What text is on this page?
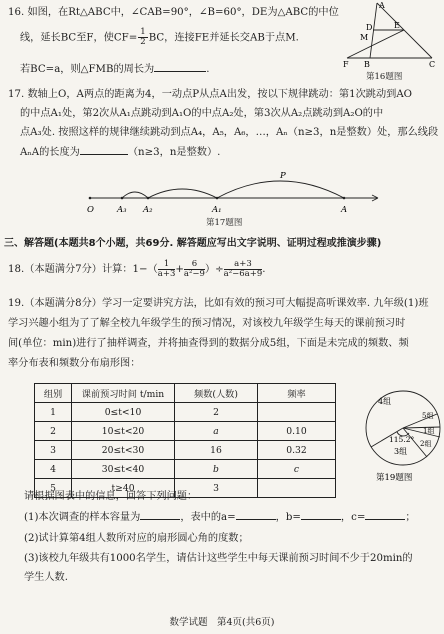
16. 如图，在Rt△ABC中，∠CAB=90°，∠B=60°，DE为△ABC的中位
线，延长BC至F，使$CF= \frac{1}{2}$ BC，连接FE并延长交AB于点M.
若BC=a，则△FMB的周长为	.
A
E
M
D
F B	C
第16题图
17. 数轴上O，A两点的距离为4，一动点P从点A出发，按以下规律跳动：第1次跳动到AO
的中点A₁处，第2次从A₁点跳动到A₁O的中点A₂处，第3次从A₂点跳动到A₂O的中
点A₃处. 按照这样的规律继续跳动到点A₄，A₅，A₆，…，Aₙ（n≥3，n是整数）处，那么线段
AₙA的长度为	（n≥3，n是整数）.
O	A₃ A₂	A₁	A
P
第17题图
三、解答题(本题共8个小题，共69分. 解答题应写出文字说明、证明过程或推演步骤)
18.（本题满分7分）计算：$1-( \frac{1}{a+3} + \frac{6}{\text{a²−9}}$ ）÷ $\frac{a+3}{\text{a²−6a+9}}$ .
19.（本题满分8分）学习一定要讲究方法，比如有效的预习可大幅提高听课效率. 九年级(1)班
学习兴趣小组为了了解全校九年级学生的预习情况，对该校九年级学生每天的课前预习时
间(单位：min)进行了抽样调查，并将抽查得到的数据分成5组，下面是未完成的频数、频
率分布表和频数分布扇形图：
组别	课前预习时间 t/min	频数(人数)	频率
1	0≤t<10	2	
2	10≤t<20	a	0.10
3	20≤t<30	16	0.32
4	30≤t<40	b	c
5	t≥40	3	
4组
5组
1组
2组
3组
115.2°
第19题图
请根据图表中的信息，回答下列问题：
(1)本次调查的样本容量为	，表中的a=	，b=	，c=	；
(2)试计算第4组人数所对应的扇形圆心角的度数；
(3)该校九年级共有1000名学生，请估计这些学生中每天课前预习时间不少于20min的
学生人数.
数学试题　第4页(共6页)
